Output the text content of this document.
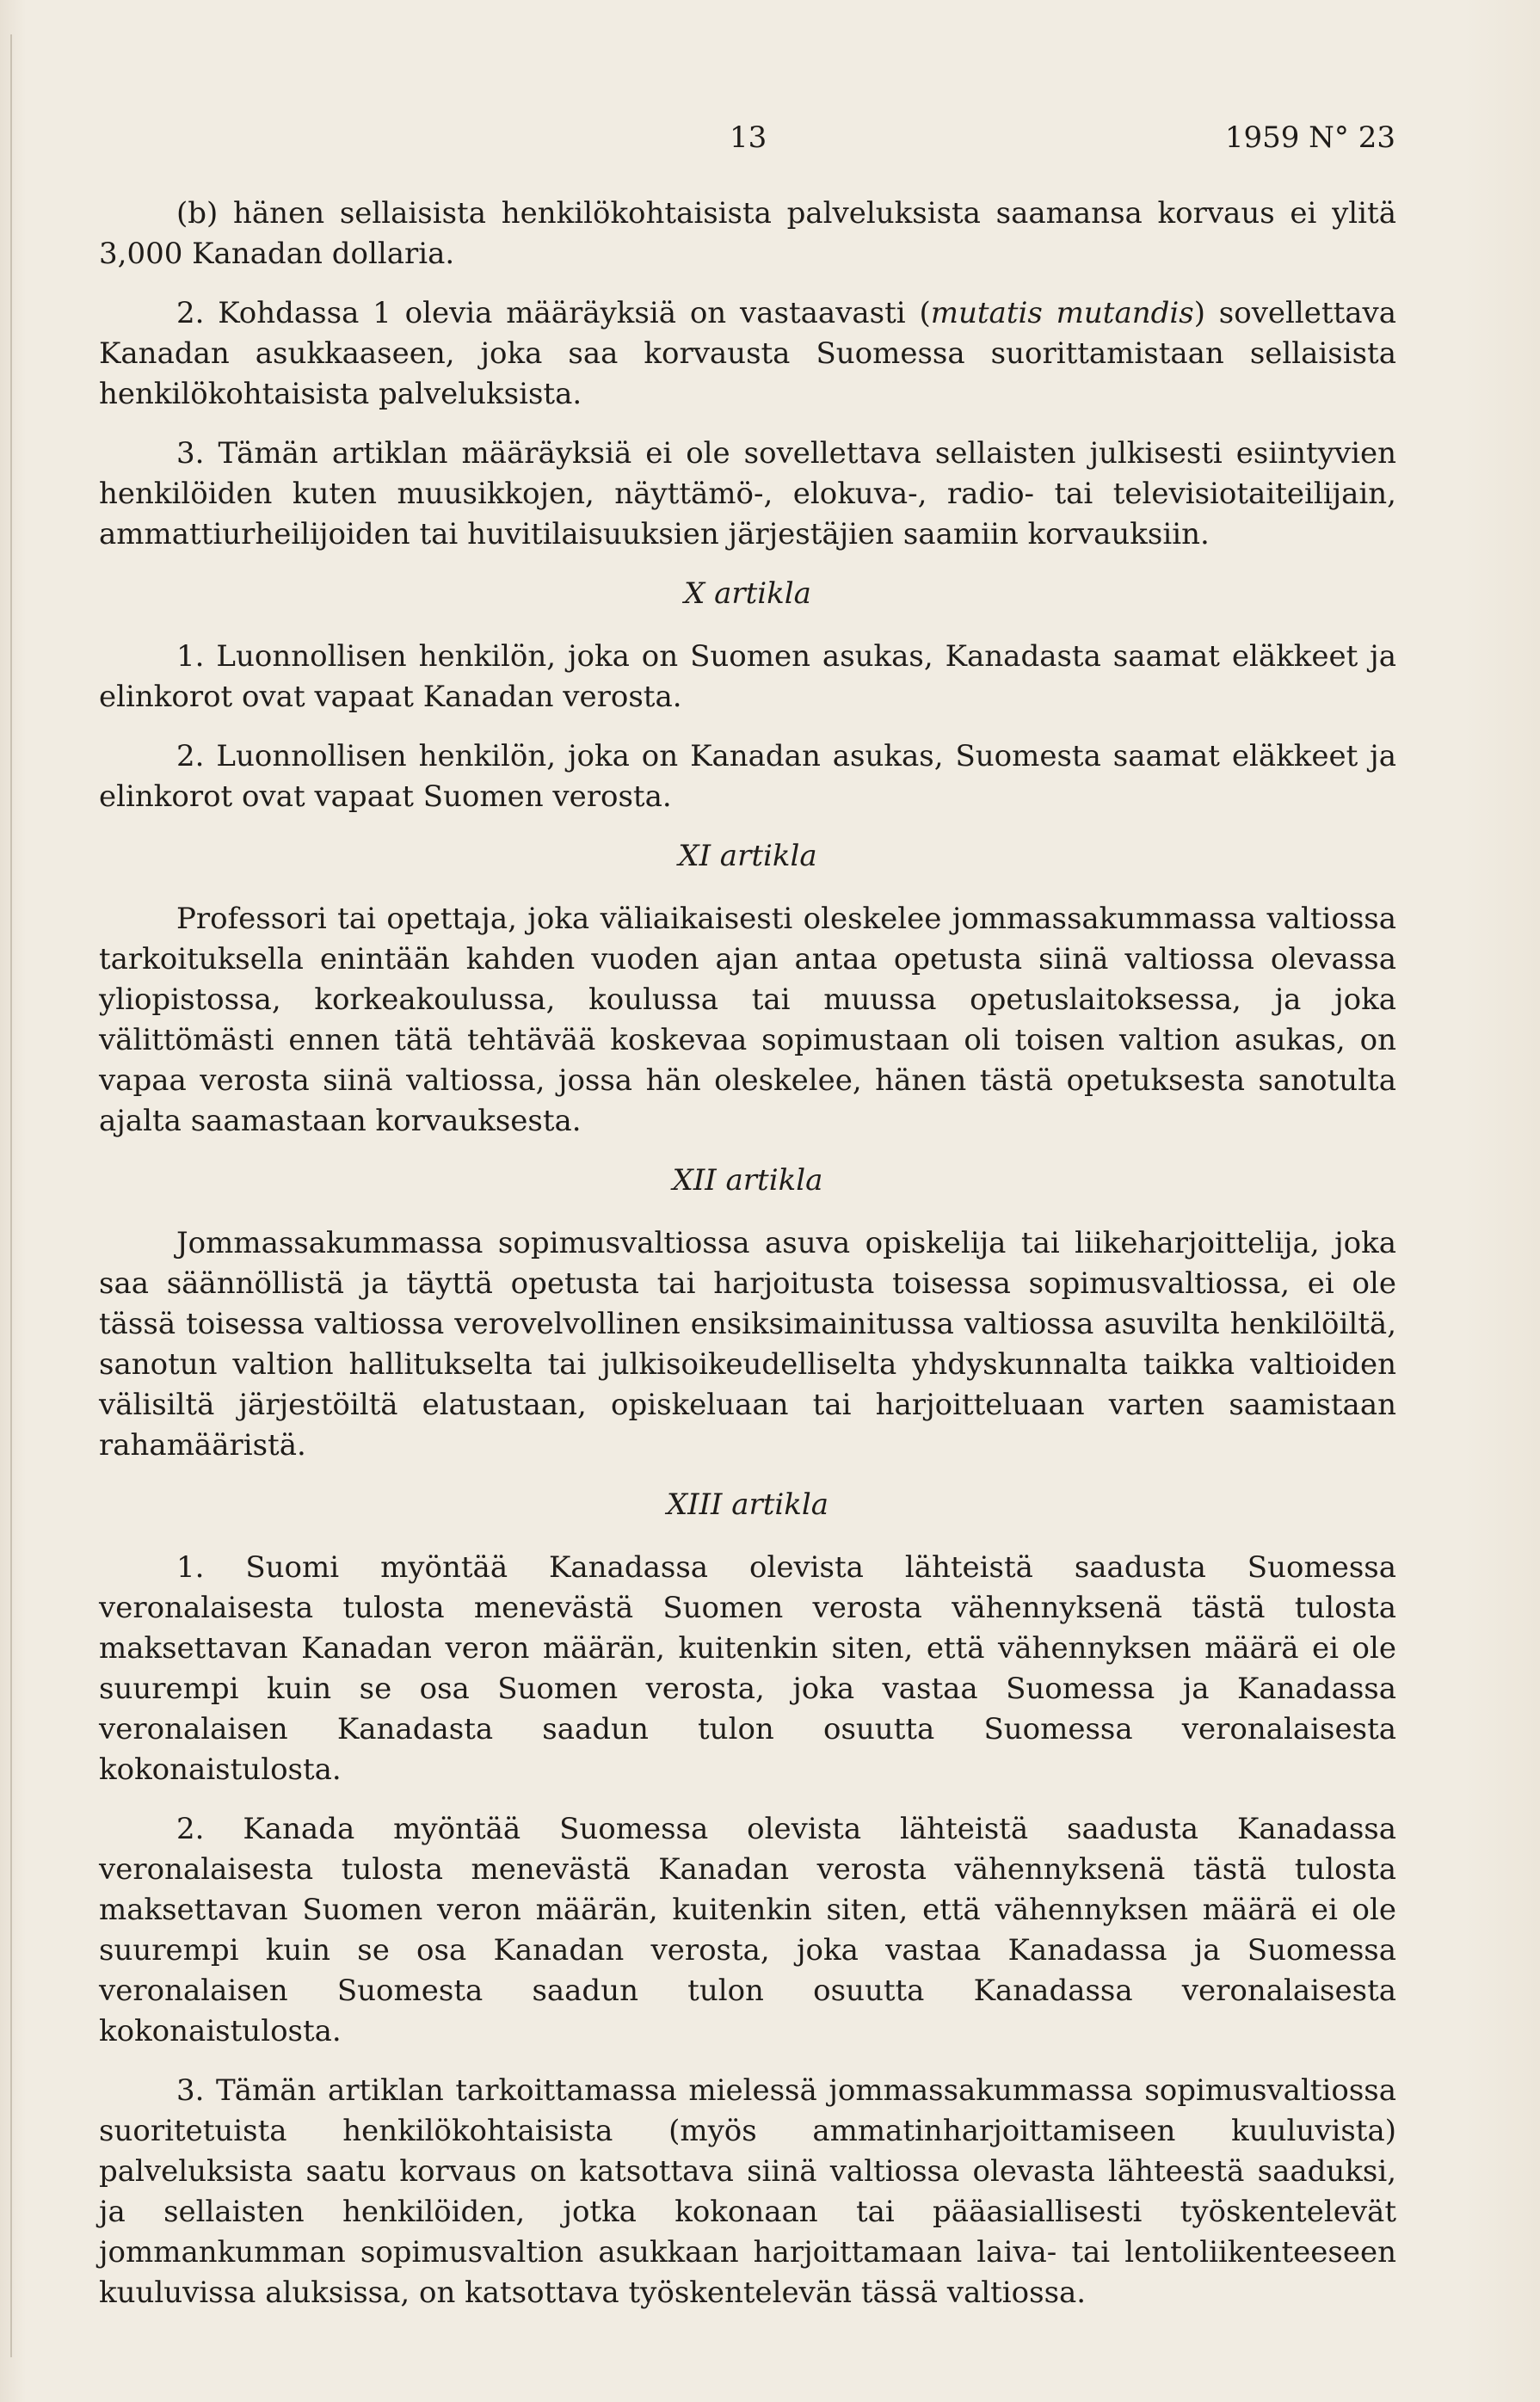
13	1959 N° 23

(b) hänen sellaisista henkilökohtaisista palveluksista saamansa korvaus ei ylitä 3,000 Kanadan dollaria.

2. Kohdassa 1 olevia määräyksiä on vastaavasti (mutatis mutandis) sovellettava Kanadan asukkaaseen, joka saa korvausta Suomessa suorittamistaan sellaisista henkilökohtaisista palveluksista.

3. Tämän artiklan määräyksiä ei ole sovellettava sellaisten julkisesti esiintyvien henkilöiden kuten muusikkojen, näyttämö-, elokuva-, radio- tai televisiotaiteilijain, ammattiurheilijoiden tai huvitilaisuuksien järjestäjien saamiin korvauksiin.

X artikla

1. Luonnollisen henkilön, joka on Suomen asukas, Kanadasta saamat eläkkeet ja elinkorot ovat vapaat Kanadan verosta.

2. Luonnollisen henkilön, joka on Kanadan asukas, Suomesta saamat eläkkeet ja elinkorot ovat vapaat Suomen verosta.

XI artikla

Professori tai opettaja, joka väliaikaisesti oleskelee jommassakummassa valtiossa tarkoituksella enintään kahden vuoden ajan antaa opetusta siinä valtiossa olevassa yliopistossa, korkeakoulussa, koulussa tai muussa opetuslaitoksessa, ja joka välittömästi ennen tätä tehtävää koskevaa sopimustaan oli toisen valtion asukas, on vapaa verosta siinä valtiossa, jossa hän oleskelee, hänen tästä opetuksesta sanotulta ajalta saamastaan korvauksesta.

XII artikla

Jommassakummassa sopimusvaltiossa asuva opiskelija tai liikeharjoittelija, joka saa säännöllistä ja täyttä opetusta tai harjoitusta toisessa sopimusvaltiossa, ei ole tässä toisessa valtiossa verovelvollinen ensiksimainitussa valtiossa asuvilta henkilöiltä, sanotun valtion hallitukselta tai julkisoikeudelliselta yhdyskunnalta taikka valtioiden välisiltä järjestöiltä elatustaan, opiskeluaan tai harjoitteluaan varten saamistaan rahamääristä.

XIII artikla

1. Suomi myöntää Kanadassa olevista lähteistä saadusta Suomessa veronalaisesta tulosta menevästä Suomen verosta vähennyksenä tästä tulosta maksettavan Kanadan veron määrän, kuitenkin siten, että vähennyksen määrä ei ole suurempi kuin se osa Suomen verosta, joka vastaa Suomessa ja Kanadassa veronalaisen Kanadasta saadun tulon osuutta Suomessa veronalaisesta kokonaistulosta.

2. Kanada myöntää Suomessa olevista lähteistä saadusta Kanadassa veronalaisesta tulosta menevästä Kanadan verosta vähennyksenä tästä tulosta maksettavan Suomen veron määrän, kuitenkin siten, että vähennyksen määrä ei ole suurempi kuin se osa Kanadan verosta, joka vastaa Kanadassa ja Suomessa veronalaisen Suomesta saadun tulon osuutta Kanadassa veronalaisesta kokonaistulosta.

3. Tämän artiklan tarkoittamassa mielessä jommassakummassa sopimusvaltiossa suoritetuista henkilökohtaisista (myös ammatinharjoittamiseen kuuluvista) palveluksista saatu korvaus on katsottava siinä valtiossa olevasta lähteestä saaduksi, ja sellaisten henkilöiden, jotka kokonaan tai pääasiallisesti työskentelevät jommankumman sopimusvaltion asukkaan harjoittamaan laiva- tai lentoliikenteeseen kuuluvissa aluksissa, on katsottava työskentelevän tässä valtiossa.
